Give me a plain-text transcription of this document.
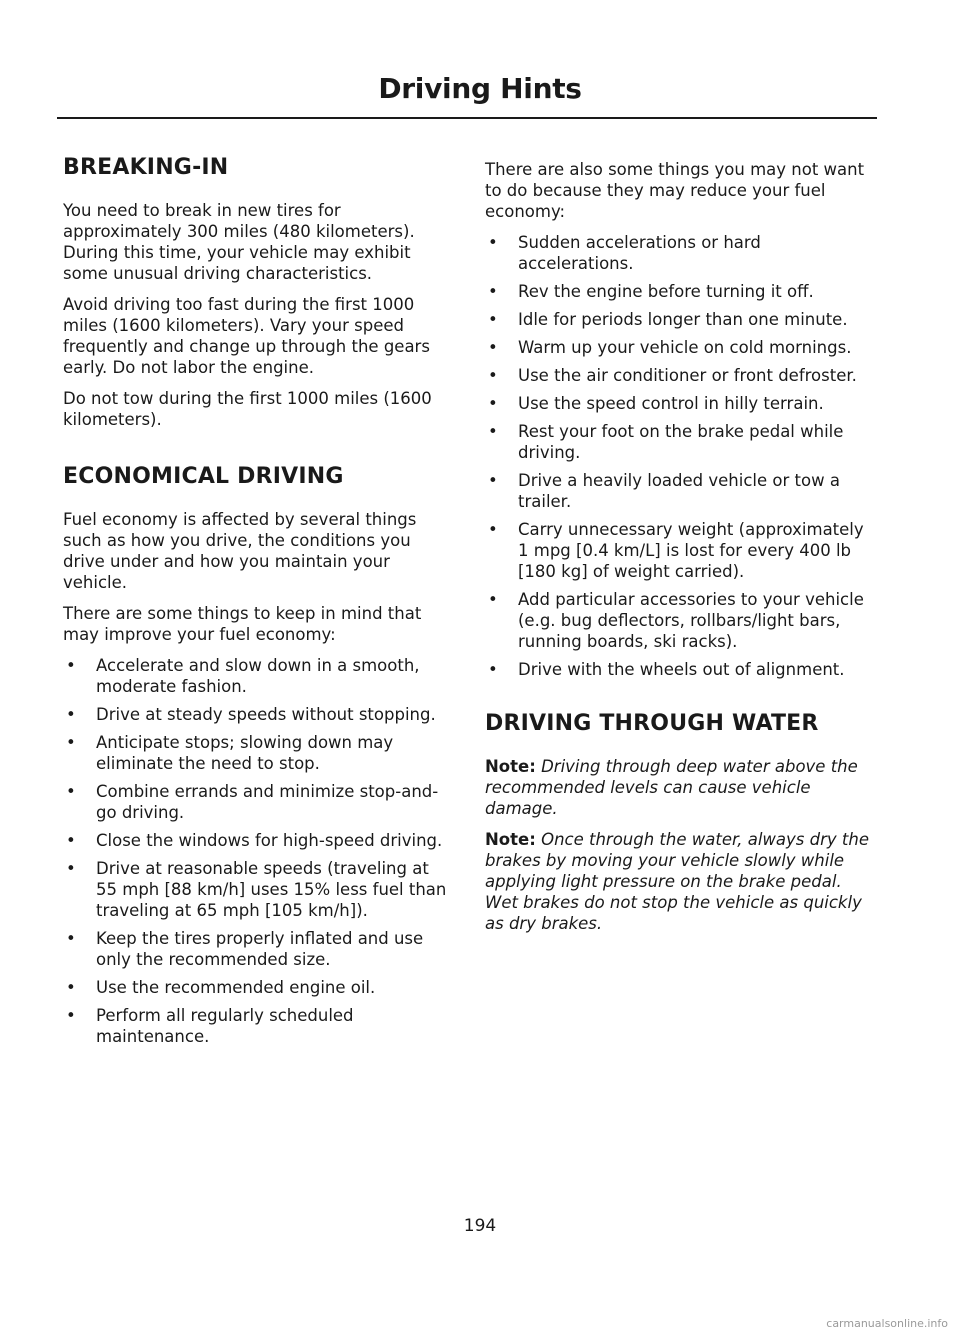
Driving Hints
BREAKING-IN

You need to break in new tires for approximately 300 miles (480 kilometers). During this time, your vehicle may exhibit some unusual driving characteristics.

Avoid driving too fast during the first 1000 miles (1600 kilometers). Vary your speed frequently and change up through the gears early. Do not labor the engine.

Do not tow during the first 1000 miles (1600 kilometers).

ECONOMICAL DRIVING

Fuel economy is affected by several things such as how you drive, the conditions you drive under and how you maintain your vehicle.

There are some things to keep in mind that may improve your fuel economy:

• Accelerate and slow down in a smooth, moderate fashion.
• Drive at steady speeds without stopping.
• Anticipate stops; slowing down may eliminate the need to stop.
• Combine errands and minimize stop-and-go driving.
• Close the windows for high-speed driving.
• Drive at reasonable speeds (traveling at 55 mph [88 km/h] uses 15% less fuel than traveling at 65 mph [105 km/h]).
• Keep the tires properly inflated and use only the recommended size.
• Use the recommended engine oil.
• Perform all regularly scheduled maintenance.

There are also some things you may not want to do because they may reduce your fuel economy:

• Sudden accelerations or hard accelerations.
• Rev the engine before turning it off.
• Idle for periods longer than one minute.
• Warm up your vehicle on cold mornings.
• Use the air conditioner or front defroster.
• Use the speed control in hilly terrain.
• Rest your foot on the brake pedal while driving.
• Drive a heavily loaded vehicle or tow a trailer.
• Carry unnecessary weight (approximately 1 mpg [0.4 km/L] is lost for every 400 lb [180 kg] of weight carried).
• Add particular accessories to your vehicle (e.g. bug deflectors, rollbars/light bars, running boards, ski racks).
• Drive with the wheels out of alignment.
DRIVING THROUGH WATER

Note: Driving through deep water above the recommended levels can cause vehicle damage.

Note: Once through the water, always dry the brakes by moving your vehicle slowly while applying light pressure on the brake pedal. Wet brakes do not stop the vehicle as quickly as dry brakes.

194
carmanualsonline.info
